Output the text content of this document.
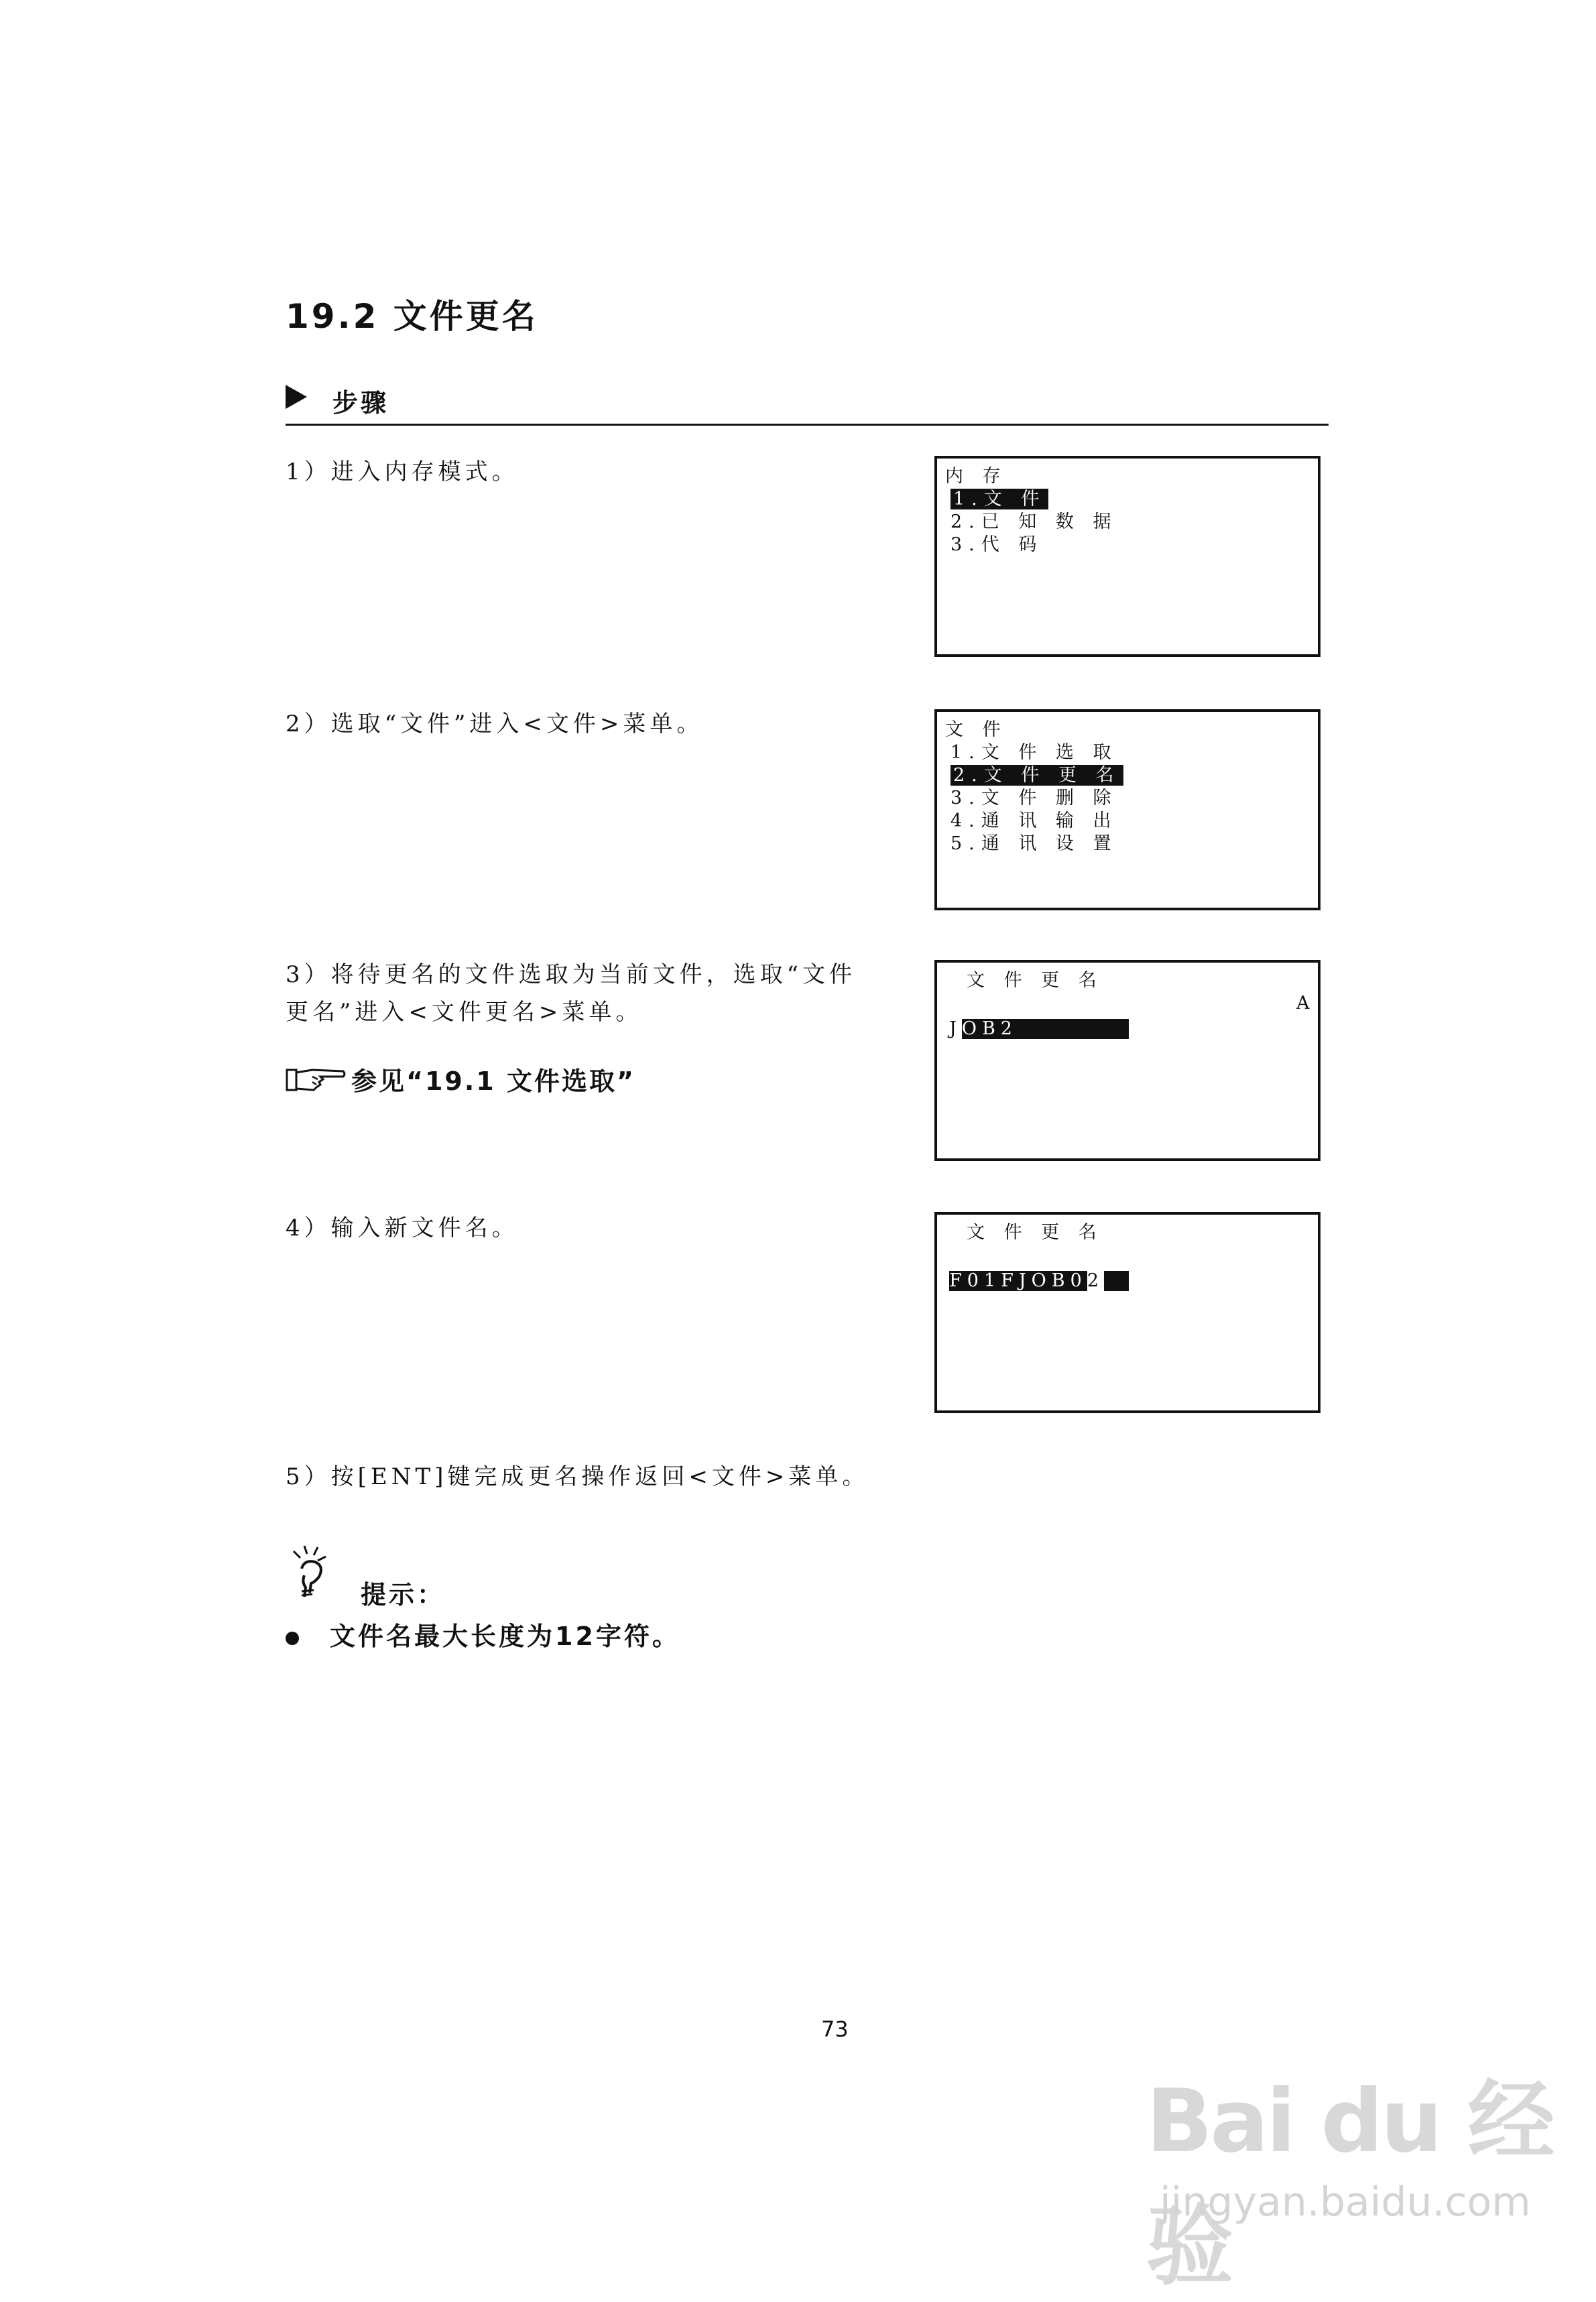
19.2 文件更名
步骤
1）进入内存模式。
2）选取“文件”进入<文件>菜单。
3）将待更名的文件选取为当前文件，选取“文件
更名”进入<文件更名>菜单。
4）输入新文件名。
5）按[ENT]键完成更名操作返回<文件>菜单。
参见“19.1 文件选取”

内 存

1.文 件

2.已 知 数 据

3.代 码

文 件

1.文 件 选 取

2.文 件 更 名

3.文 件 删 除

4.通 讯 输 出

5.通 讯 设 置

文 件 更 名

A

JOB2

文 件 更 名

F01FJOB02

提示：
文件名最大长度为12字符。
73
Bai du 经验
jingyan.baidu.com
